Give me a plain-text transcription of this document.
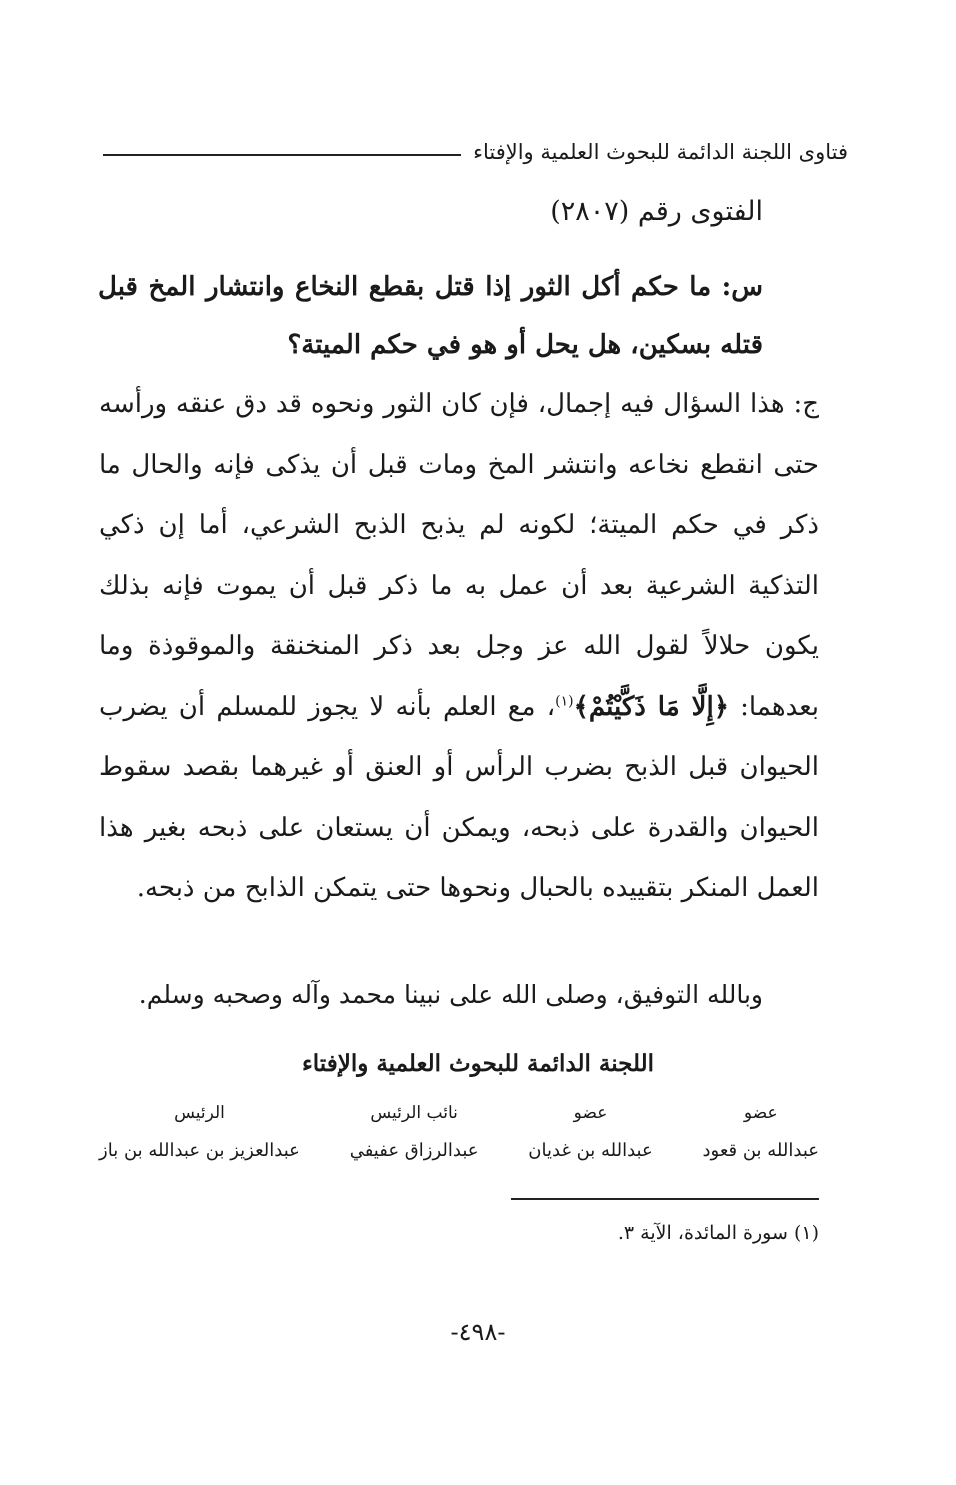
فتاوى اللجنة الدائمة للبحوث العلمية والإفتاء
الفتوى رقم (٢٨٠٧)
س: ما حكم أكل الثور إذا قتل بقطع النخاع وانتشار المخ قبل قتله بسكين، هل يحل أو هو في حكم الميتة؟
ج: هذا السؤال فيه إجمال، فإن كان الثور ونحوه قد دق عنقه ورأسه حتى انقطع نخاعه وانتشر المخ ومات قبل أن يذكى فإنه والحال ما ذكر في حكم الميتة؛ لكونه لم يذبح الذبح الشرعي، أما إن ذكي التذكية الشرعية بعد أن عمل به ما ذكر قبل أن يموت فإنه بذلك يكون حلالاً لقول الله عز وجل بعد ذكر المنخنقة والموقوذة وما بعدهما: ﴿إِلَّا مَا ذَكَّيْتُمْ﴾$^{(١)}$، مع العلم بأنه لا يجوز للمسلم أن يضرب الحيوان قبل الذبح بضرب الرأس أو العنق أو غيرهما بقصد سقوط الحيوان والقدرة على ذبحه، ويمكن أن يستعان على ذبحه بغير هذا العمل المنكر بتقييده بالحبال ونحوها حتى يتمكن الذابح من ذبحه.
وبالله التوفيق، وصلى الله على نبينا محمد وآله وصحبه وسلم.
اللجنة الدائمة للبحوث العلمية والإفتاء
عضو
عبدالله بن قعود
عضو
عبدالله بن غديان
نائب الرئيس
عبدالرزاق عفيفي
الرئيس
عبدالعزيز بن عبدالله بن باز
(١) سورة المائدة، الآية ٣.
-٤٩٨-
